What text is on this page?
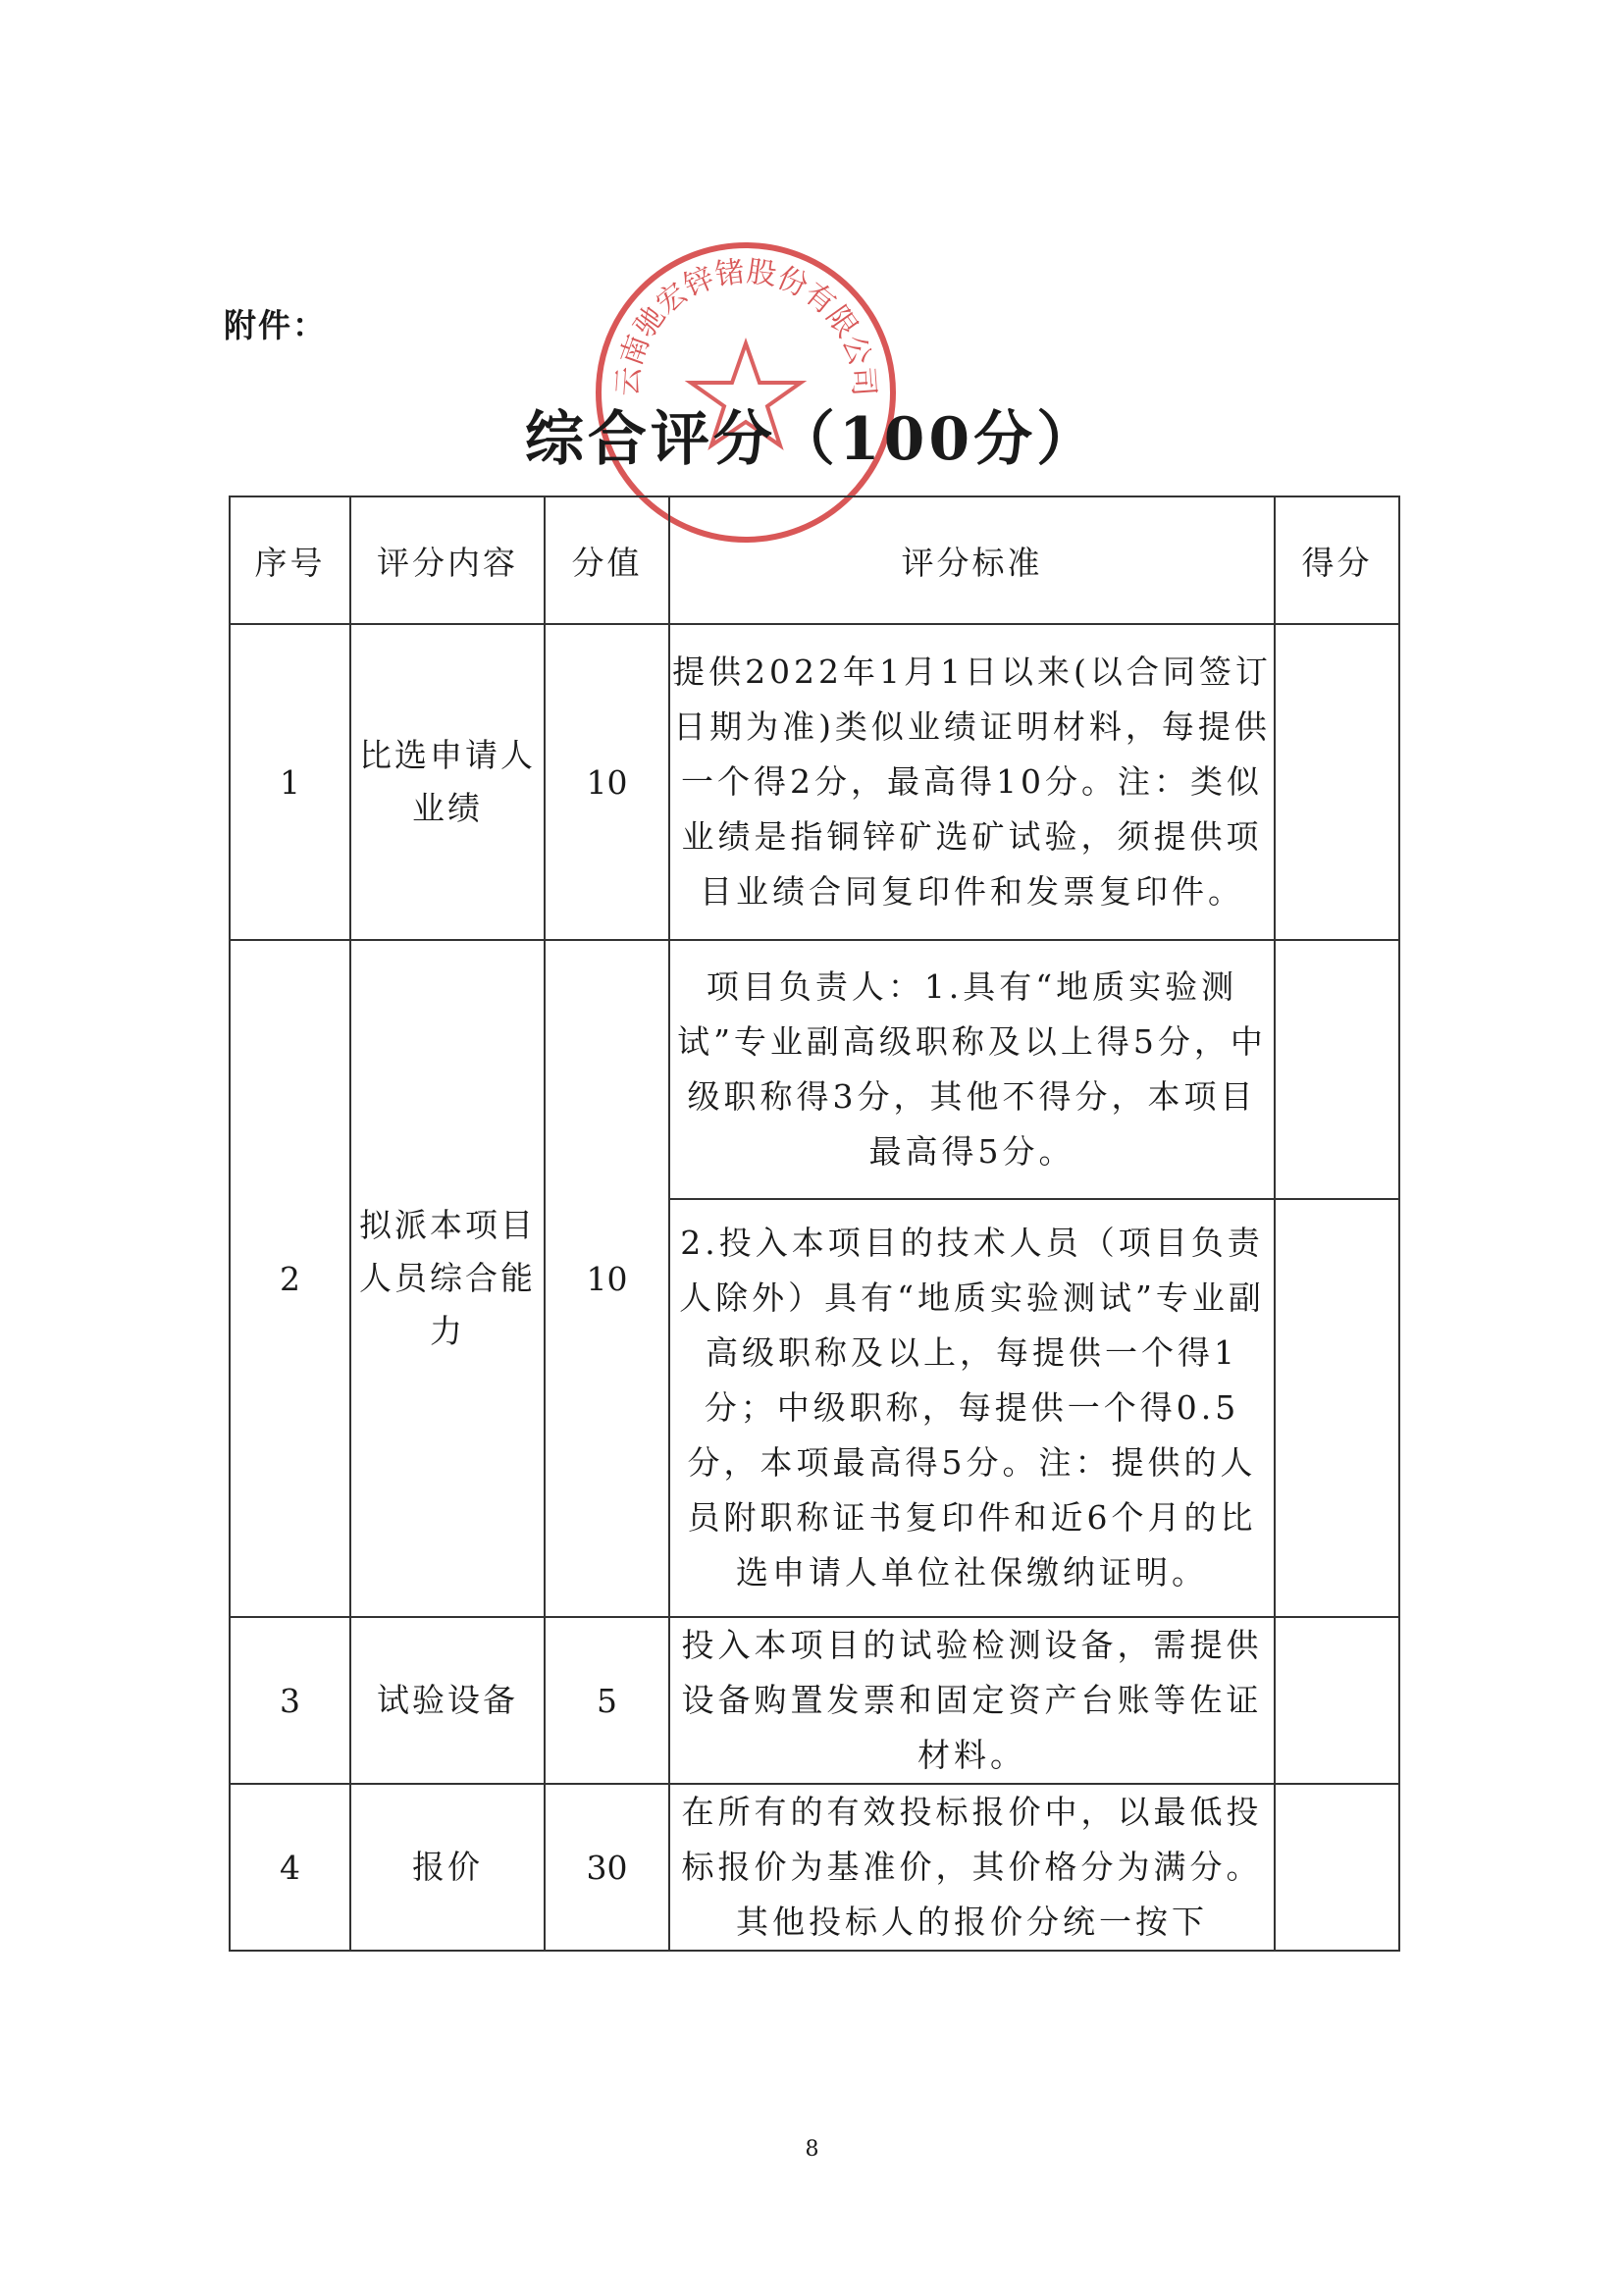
附件：
云南驰宏锌锗股份有限公司
综合评分（100分）
序号	评分内容	分值	评分标准	得分
1	比选申请人业绩	10	提供2022年1月1日以来(以合同签订日期为准)类似业绩证明材料，每提供一个得2分，最高得10分。注：类似业绩是指铜锌矿选矿试验，须提供项目业绩合同复印件和发票复印件。	
2	拟派本项目人员综合能力	10	项目负责人：1.具有“地质实验测试”专业副高级职称及以上得5分，中级职称得3分，其他不得分，本项目最高得5分。	
			2.投入本项目的技术人员（项目负责人除外）具有“地质实验测试”专业副高级职称及以上，每提供一个得1分；中级职称，每提供一个得0.5分，本项最高得5分。注：提供的人员附职称证书复印件和近6个月的比选申请人单位社保缴纳证明。	
3	试验设备	5	投入本项目的试验检测设备，需提供设备购置发票和固定资产台账等佐证材料。	
4	报价	30	在所有的有效投标报价中，以最低投标报价为基准价，其价格分为满分。其他投标人的报价分统一按下	
8
